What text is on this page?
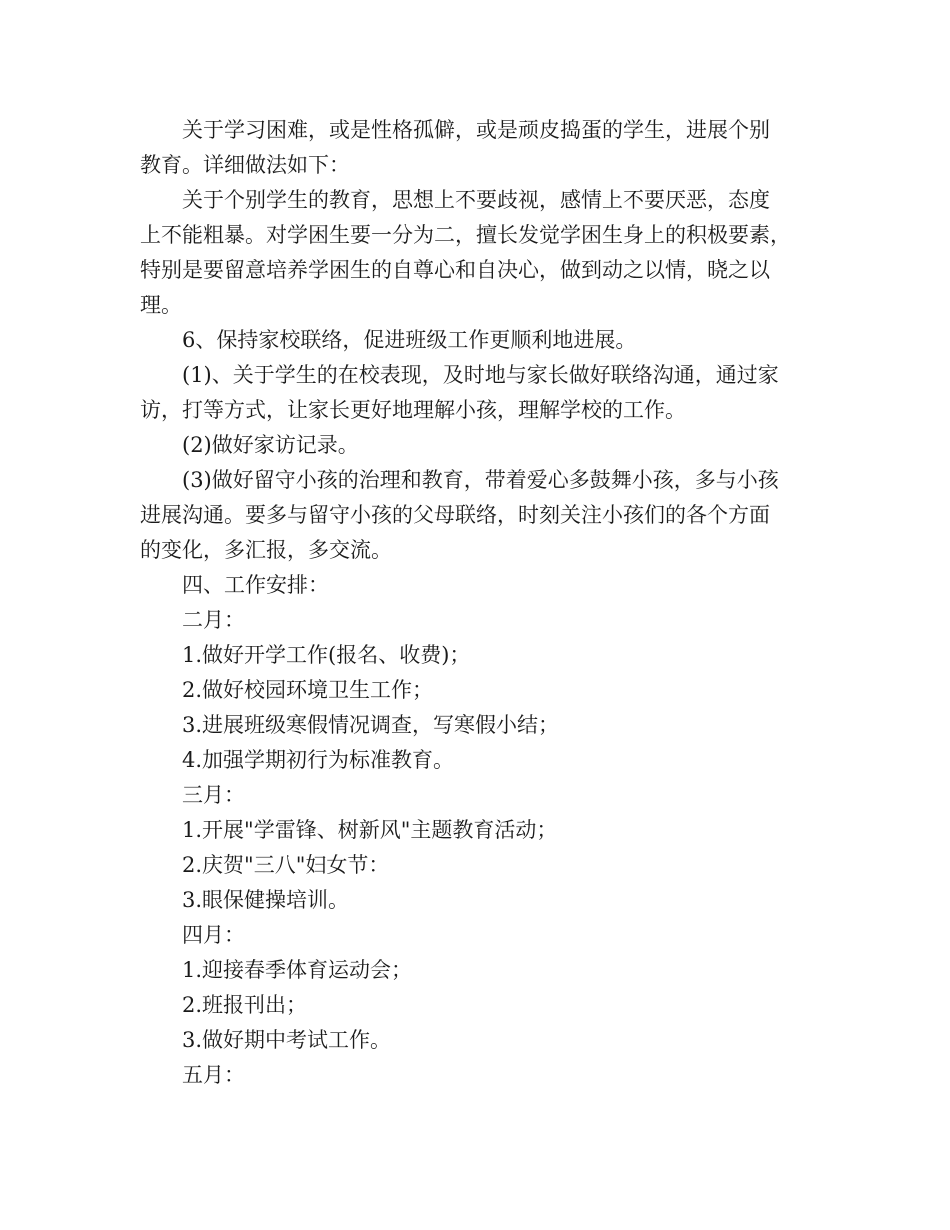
关于学习困难，或是性格孤僻，或是顽皮捣蛋的学生，进展个别
教育。详细做法如下：
关于个别学生的教育，思想上不要歧视，感情上不要厌恶，态度
上不能粗暴。对学困生要一分为二，擅长发觉学困生身上的积极要素，
特别是要留意培养学困生的自尊心和自决心，做到动之以情，晓之以
理。
6、保持家校联络，促进班级工作更顺利地进展。
(1)、关于学生的在校表现，及时地与家长做好联络沟通，通过家
访，打等方式，让家长更好地理解小孩，理解学校的工作。
(2)做好家访记录。
(3)做好留守小孩的治理和教育，带着爱心多鼓舞小孩，多与小孩
进展沟通。要多与留守小孩的父母联络，时刻关注小孩们的各个方面
的变化，多汇报，多交流。
四、工作安排：
二月：
1.做好开学工作(报名、收费)；
2.做好校园环境卫生工作；
3.进展班级寒假情况调查，写寒假小结；
4.加强学期初行为标准教育。
三月：
1.开展"学雷锋、树新风"主题教育活动；
2.庆贺"三八"妇女节：
3.眼保健操培训。
四月：
1.迎接春季体育运动会；
2.班报刊出；
3.做好期中考试工作。
五月：
